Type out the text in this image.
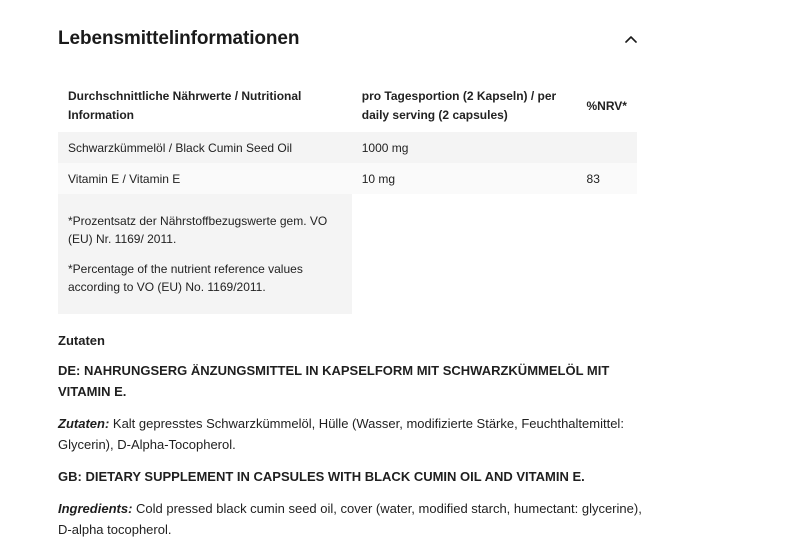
Lebensmittelinformationen
Durchschnittliche Nährwerte / Nutritional Information	pro Tagesportion (2 Kapseln) / per daily serving (2 capsules)	%NRV*
Schwarzkümmelöl / Black Cumin Seed Oil	1000 mg	
Vitamin E / Vitamin E	10 mg	83

*Prozentsatz der Nährstoffbezugswerte gem. VO (EU) Nr. 1169/ 2011.

*Percentage of the nutrient reference values according to VO (EU) No. 1169/2011.		

Zutaten

DE: NAHRUNGSERG ÄNZUNGSMITTEL IN KAPSELFORM MIT SCHWARZKÜMMELÖL MIT VITAMIN E.

Zutaten: Kalt gepresstes Schwarzkümmelöl, Hülle (Wasser, modifizierte Stärke, Feuchthaltemittel: Glycerin), D-Alpha-Tocopherol.

GB: DIETARY SUPPLEMENT IN CAPSULES WITH BLACK CUMIN OIL AND VITAMIN E.

Ingredients: Cold pressed black cumin seed oil, cover (water, modified starch, humectant: glycerine), D-alpha tocopherol.
